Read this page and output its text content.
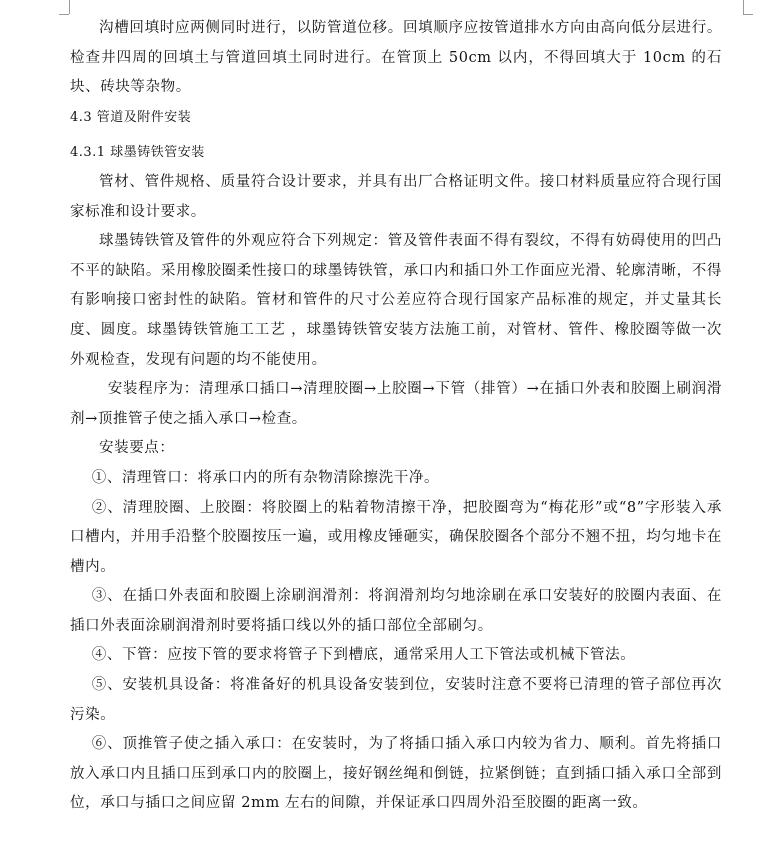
沟槽回填时应两侧同时进行，以防管道位移。回填顺序应按管道排水方向由高向低分层进行。检查井四周的回填土与管道回填土同时进行。在管顶上 50cm 以内，不得回填大于 10cm 的石块、砖块等杂物。

4.3 管道及附件安装

4.3.1 球墨铸铁管安装

管材、管件规格、质量符合设计要求，并具有出厂合格证明文件。接口材料质量应符合现行国家标准和设计要求。

球墨铸铁管及管件的外观应符合下列规定：管及管件表面不得有裂纹，不得有妨碍使用的凹凸不平的缺陷。采用橡胶圈柔性接口的球墨铸铁管，承口内和插口外工作面应光滑、轮廓清晰，不得有影响接口密封性的缺陷。管材和管件的尺寸公差应符合现行国家产品标准的规定，并丈量其长度、圆度。球墨铸铁管施工工艺 ，球墨铸铁管安装方法施工前，对管材、管件、橡胶圈等做一次外观检查，发现有问题的均不能使用。

安装程序为：清理承口插口→清理胶圈→上胶圈→下管（排管）→在插口外表和胶圈上刷润滑剂→顶推管子使之插入承口→检查。

安装要点：

①、清理管口：将承口内的所有杂物清除擦洗干净。

②、清理胶圈、上胶圈：将胶圈上的粘着物清擦干净，把胶圈弯为“梅花形”或“8”字形装入承口槽内，并用手沿整个胶圈按压一遍，或用橡皮锤砸实，确保胶圈各个部分不翘不扭，均匀地卡在槽内。

③、在插口外表面和胶圈上涂刷润滑剂：将润滑剂均匀地涂刷在承口安装好的胶圈内表面、在插口外表面涂刷润滑剂时要将插口线以外的插口部位全部刷匀。

④、下管：应按下管的要求将管子下到槽底，通常采用人工下管法或机械下管法。

⑤、安装机具设备：将准备好的机具设备安装到位，安装时注意不要将已清理的管子部位再次污染。

⑥、顶推管子使之插入承口：在安装时，为了将插口插入承口内较为省力、顺利。首先将插口放入承口内且插口压到承口内的胶圈上，接好钢丝绳和倒链，拉紧倒链；直到插口插入承口全部到位，承口与插口之间应留 2mm 左右的间隙，并保证承口四周外沿至胶圈的距离一致。
